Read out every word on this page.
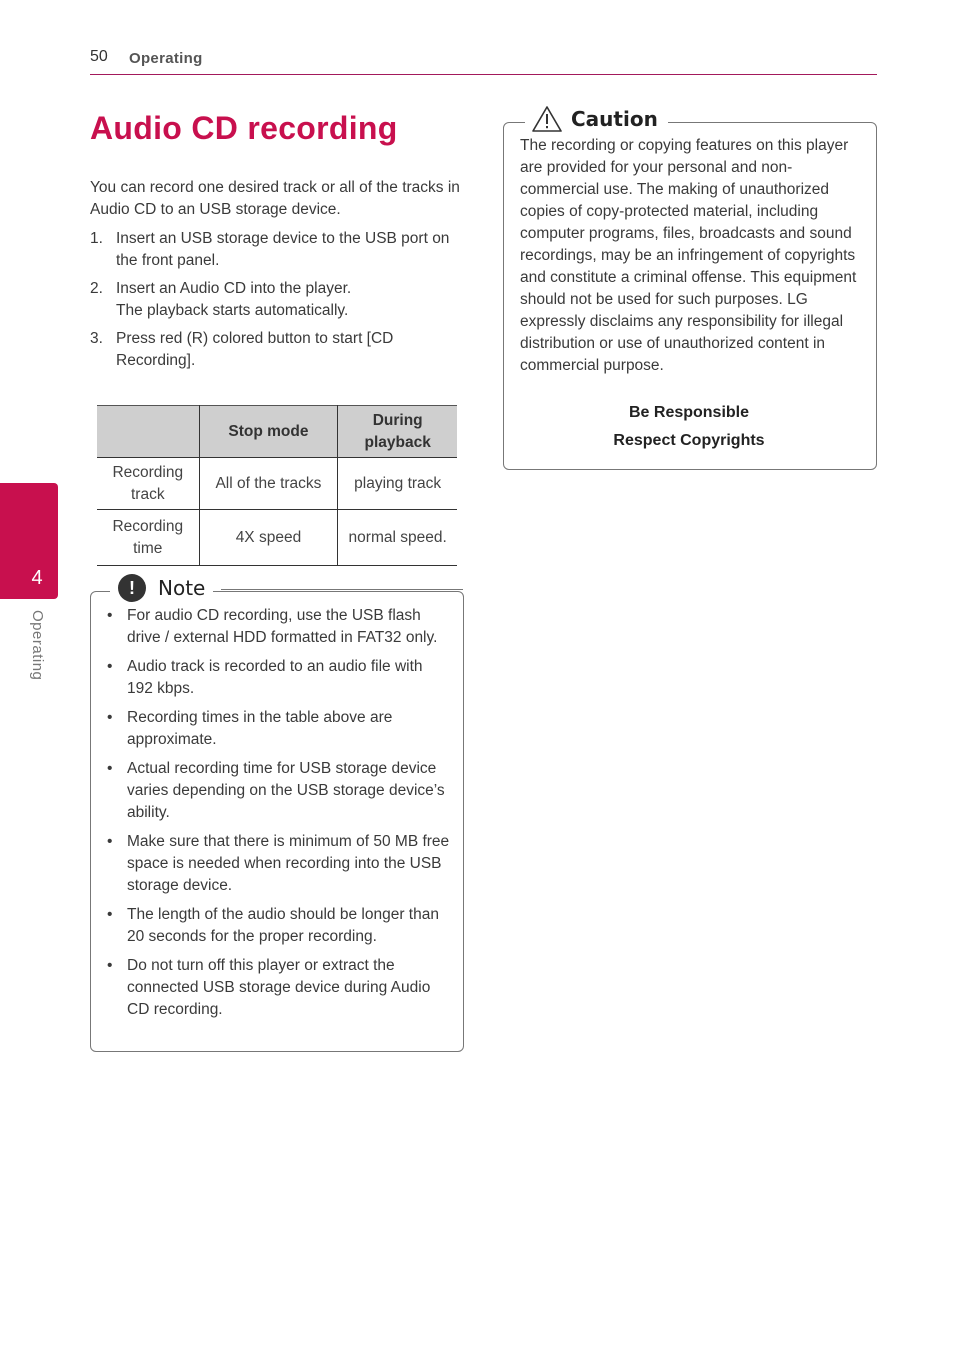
50 Operating
4
Operating
Audio CD recording
You can record one desired track or all of the tracks in Audio CD to an USB storage device.
1. Insert an USB storage device to the USB port on the front panel.
2. Insert an Audio CD into the player.
The playback starts automatically.
3. Press red (R) colored button to start [CD Recording].
	Stop mode	During playback
Recording track	All of the tracks	playing track
Recording time	4X speed	normal speed.
!	Note
• For audio CD recording, use the USB flash drive / external HDD formatted in FAT32 only.
• Audio track is recorded to an audio file with 192 kbps.
• Recording times in the table above are approximate.
• Actual recording time for USB storage device varies depending on the USB storage device’s ability.
• Make sure that there is minimum of 50 MB free space is needed when recording into the USB storage device.
• The length of the audio should be longer than 20 seconds for the proper recording.
• Do not turn off this player or extract the connected USB storage device during Audio CD recording.
Caution
The recording or copying features on this player are provided for your personal and non-commercial use. The making of unauthorized copies of copy-protected material, including computer programs, files, broadcasts and sound recordings, may be an infringement of copyrights and constitute a criminal offense. This equipment should not be used for such purposes. LG expressly disclaims any responsibility for illegal distribution or use of unauthorized content in commercial purpose.
Be Responsible
Respect Copyrights
